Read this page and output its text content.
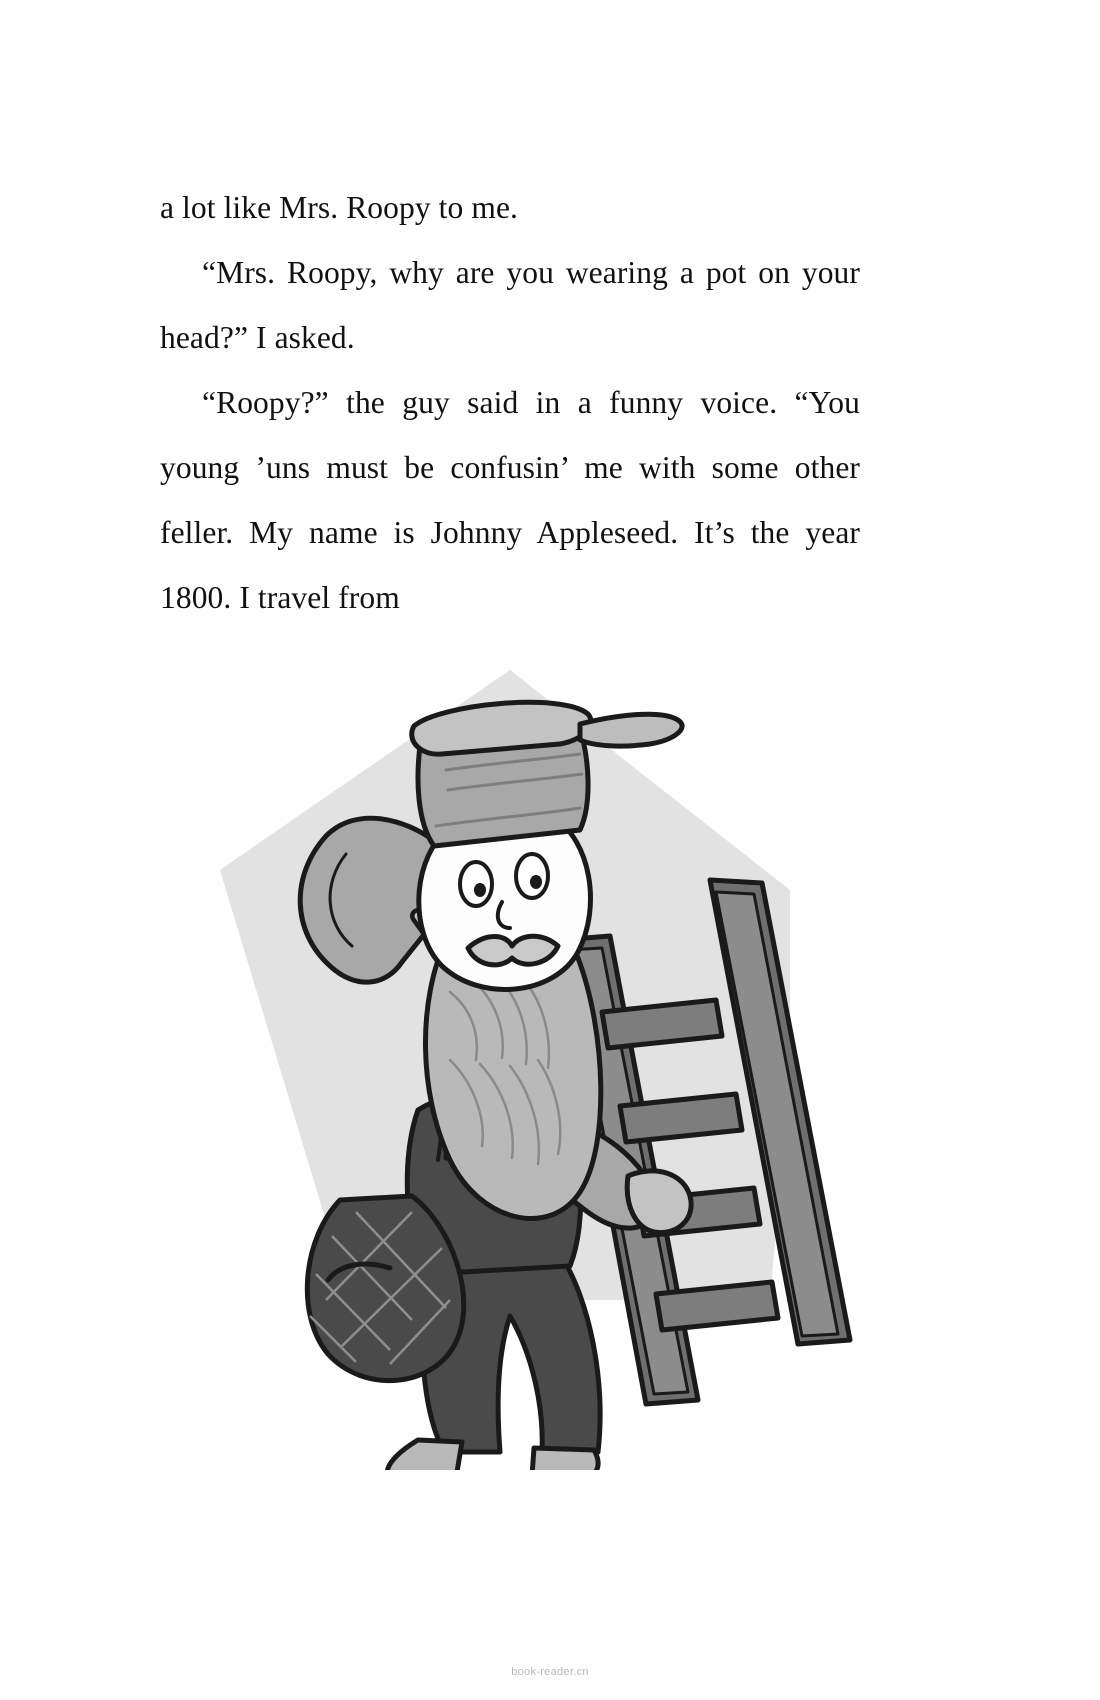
a lot like Mrs. Roopy to me.

“Mrs. Roopy, why are you wearing a pot on your head?” I asked.

“Roopy?” the guy said in a funny voice. “You young ’uns must be confusin’ me with some other feller. My name is Johnny Appleseed. It’s the year 1800. I travel from

book-reader.cn
